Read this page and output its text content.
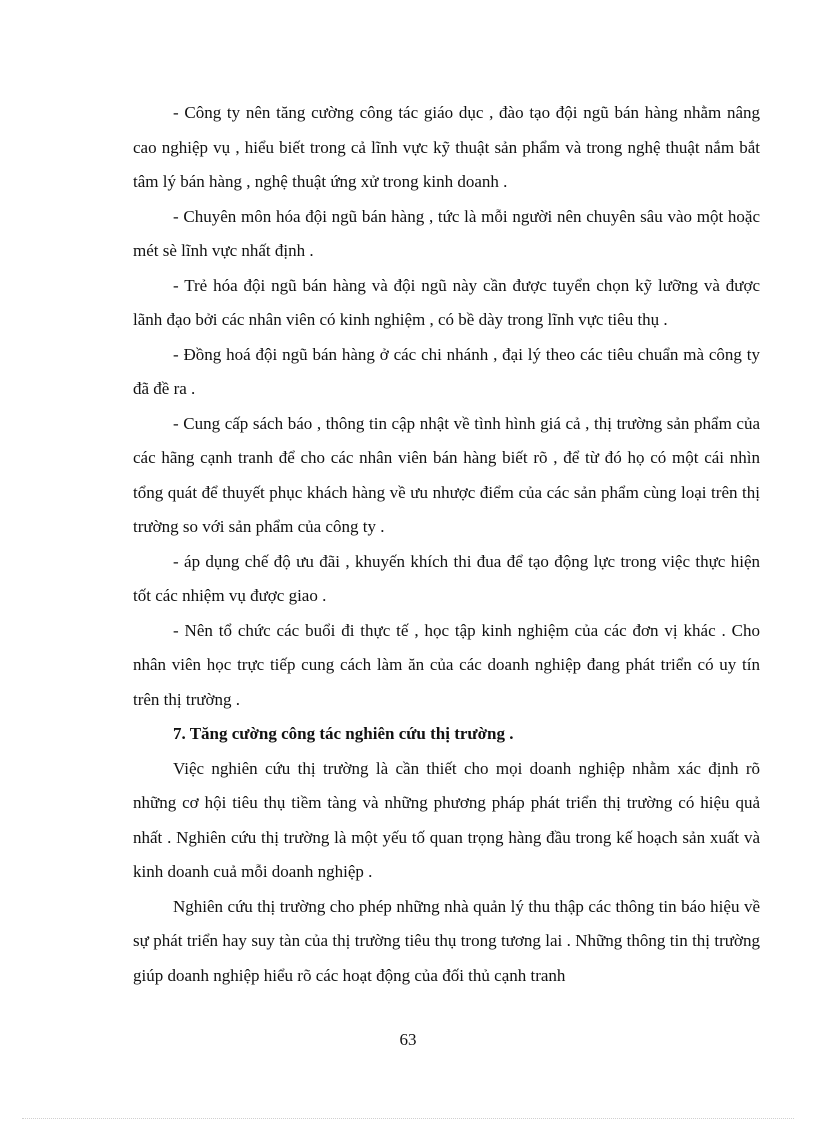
- Công ty nên tăng cường công tác giáo dục , đào tạo đội ngũ bán hàng nhằm nâng cao nghiệp vụ , hiểu biết trong cả lĩnh vực kỹ thuật sản phẩm và trong nghệ thuật nắm bắt tâm lý bán hàng , nghệ thuật ứng xử trong kinh doanh .

- Chuyên môn hóa đội ngũ bán hàng , tức là mỗi người nên chuyên sâu vào một hoặc mét sè lĩnh vực nhất định .

- Trẻ hóa đội ngũ bán hàng và đội ngũ này cần được tuyển chọn kỹ lưỡng và được lãnh đạo bởi các nhân viên có kinh nghiệm , có bề dày trong lĩnh vực tiêu thụ .

- Đồng hoá đội ngũ bán hàng ở các chi nhánh , đại lý theo các tiêu chuẩn mà công ty đã đề ra .

- Cung cấp sách báo , thông tin cập nhật về tình hình giá cả , thị trường sản phẩm của các hãng cạnh tranh để cho các nhân viên bán hàng biết rõ , để từ đó họ có một cái nhìn tổng quát để thuyết phục khách hàng về ưu nhược điểm của các sản phẩm cùng loại trên thị trường so với sản phẩm của công ty .

- áp dụng chế độ ưu đãi , khuyến khích thi đua để tạo động lực trong việc thực hiện tốt các nhiệm vụ được giao .

- Nên tổ chức các buổi đi thực tế , học tập kinh nghiệm của các đơn vị khác . Cho nhân viên học trực tiếp cung cách làm ăn của các doanh nghiệp đang phát triển có uy tín trên thị trường .

7. Tăng cường công tác nghiên cứu thị trường .

Việc nghiên cứu thị trường là cần thiết cho mọi doanh nghiệp nhằm xác định rõ những cơ hội tiêu thụ tiềm tàng và những phương pháp phát triển thị trường có hiệu quả nhất . Nghiên cứu thị trường là một yếu tố quan trọng hàng đầu trong kế hoạch sản xuất và kinh doanh cuả mỗi doanh nghiệp .

Nghiên cứu thị trường cho phép những nhà quản lý thu thập các thông tin báo hiệu về sự phát triển hay suy tàn của thị trường tiêu thụ trong tương lai . Những thông tin thị trường giúp doanh nghiệp hiểu rõ các hoạt động của đối thủ cạnh tranh

63
